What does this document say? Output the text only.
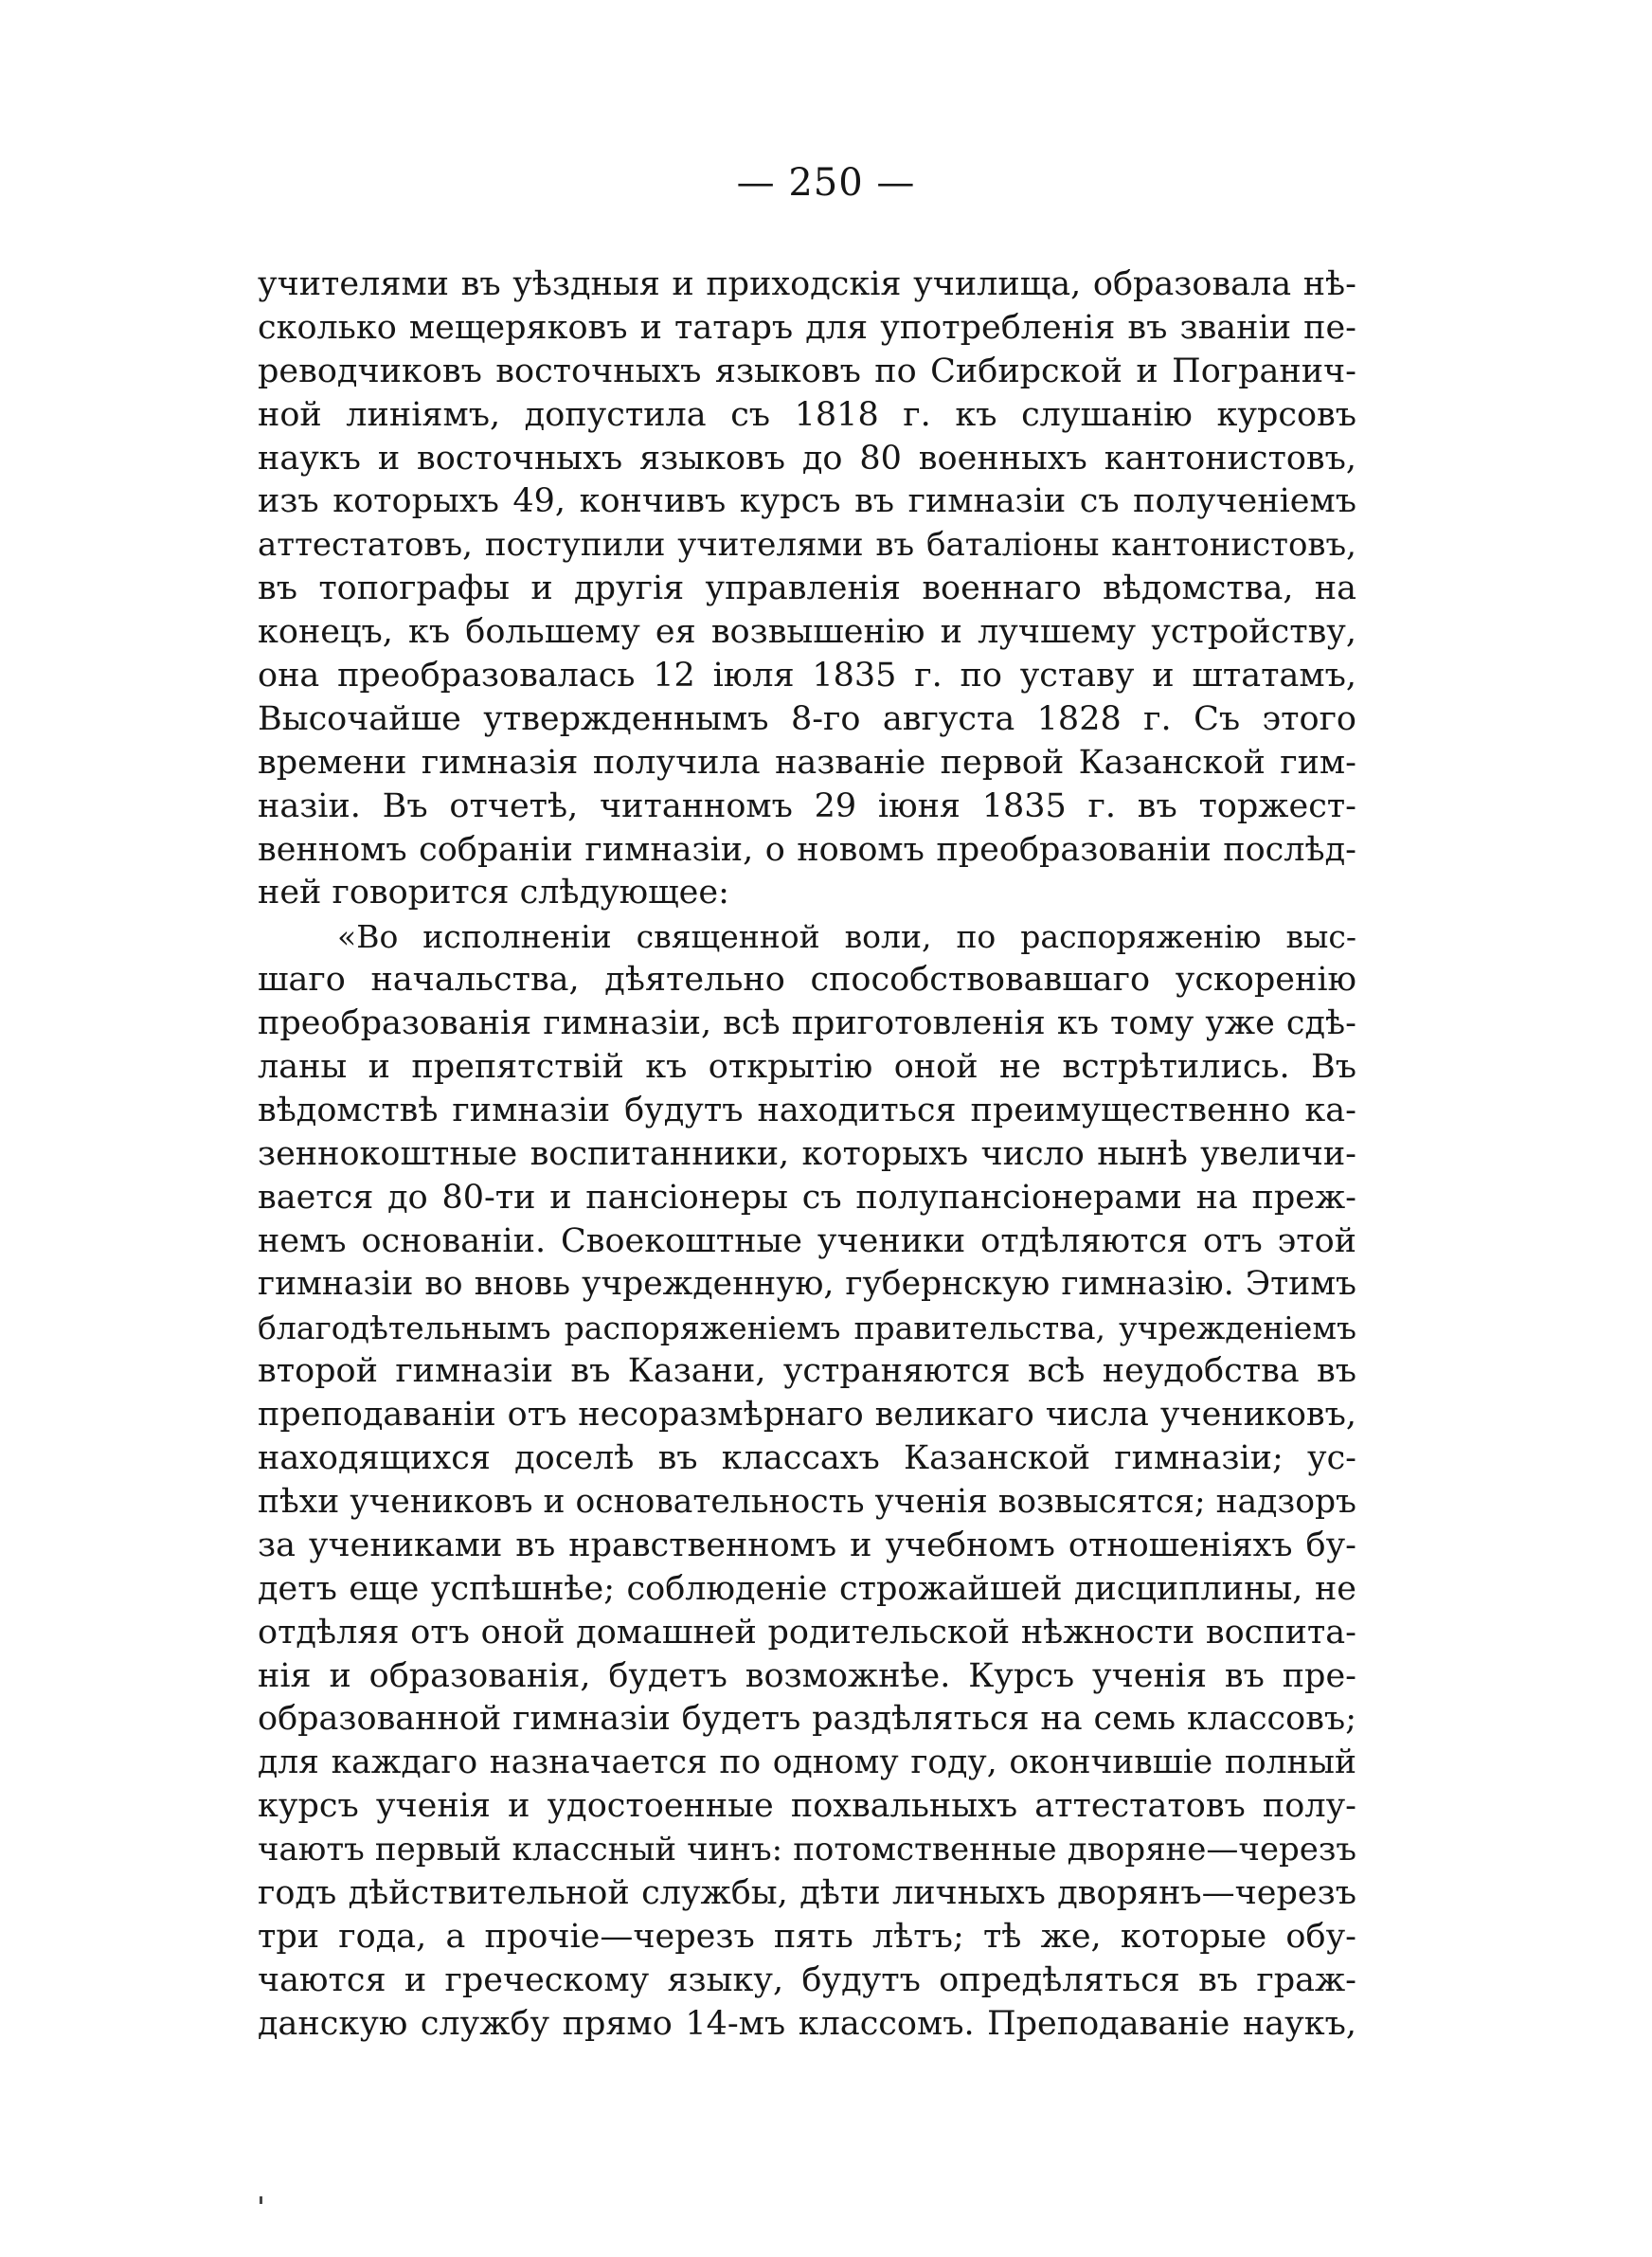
— 250 —
учителями въ уѣздныя и приходскія училища, образовала нѣ-
сколько мещеряковъ и татаръ для употребленія въ званіи пе-
реводчиковъ восточныхъ языковъ по Сибирской и Погранич-
ной линіямъ, допустила съ 1818 г. къ слушанію курсовъ
наукъ и восточныхъ языковъ до 80 военныхъ кантонистовъ,
изъ которыхъ 49, кончивъ курсъ въ гимназіи съ полученіемъ
аттестатовъ, поступили учителями въ баталіоны кантонистовъ,
въ топографы и другія управленія военнаго вѣдомства, на
конецъ, къ большему ея возвышенію и лучшему устройству,
она преобразовалась 12 іюля 1835 г. по уставу и штатамъ,
Высочайше утвержденнымъ 8-го августа 1828 г. Съ этого
времени гимназія получила названіе первой Казанской гим-
назіи. Въ отчетѣ, читанномъ 29 іюня 1835 г. въ торжест-
венномъ собраніи гимназіи, о новомъ преобразованіи послѣд-
ней говорится слѣдующее:
«Во исполненіи священной воли, по распоряженію выс-
шаго начальства, дѣятельно способствовавшаго ускоренію
преобразованія гимназіи, всѣ приготовленія къ тому уже сдѣ-
ланы и препятствій къ открытію оной не встрѣтились. Въ
вѣдомствѣ гимназіи будутъ находиться преимущественно ка-
зеннокоштные воспитанники, которыхъ число нынѣ увеличи-
вается до 80-ти и пансіонеры съ полупансіонерами на преж-
немъ основаніи. Своекоштные ученики отдѣляются отъ этой
гимназіи во вновь учрежденную, губернскую гимназію. Этимъ
благодѣтельнымъ распоряженіемъ правительства, учрежденіемъ
второй гимназіи въ Казани, устраняются всѣ неудобства въ
преподаваніи отъ несоразмѣрнаго великаго числа учениковъ,
находящихся доселѣ въ классахъ Казанской гимназіи; ус-
пѣхи учениковъ и основательность ученія возвысятся; надзоръ
за учениками въ нравственномъ и учебномъ отношеніяхъ бу-
детъ еще успѣшнѣе; соблюденіе строжайшей дисциплины, не
отдѣляя отъ оной домашней родительской нѣжности воспита-
нія и образованія, будетъ возможнѣе. Курсъ ученія въ пре-
образованной гимназіи будетъ раздѣляться на семь классовъ;
для каждаго назначается по одному году, окончившіе полный
курсъ ученія и удостоенные похвальныхъ аттестатовъ полу-
чаютъ первый классный чинъ: потомственные дворяне—черезъ
годъ дѣйствительной службы, дѣти личныхъ дворянъ—черезъ
три года, а прочіе—черезъ пять лѣтъ; тѣ же, которые обу-
чаются и греческому языку, будутъ опредѣляться въ граж-
данскую службу прямо 14-мъ классомъ. Преподаваніе наукъ,
